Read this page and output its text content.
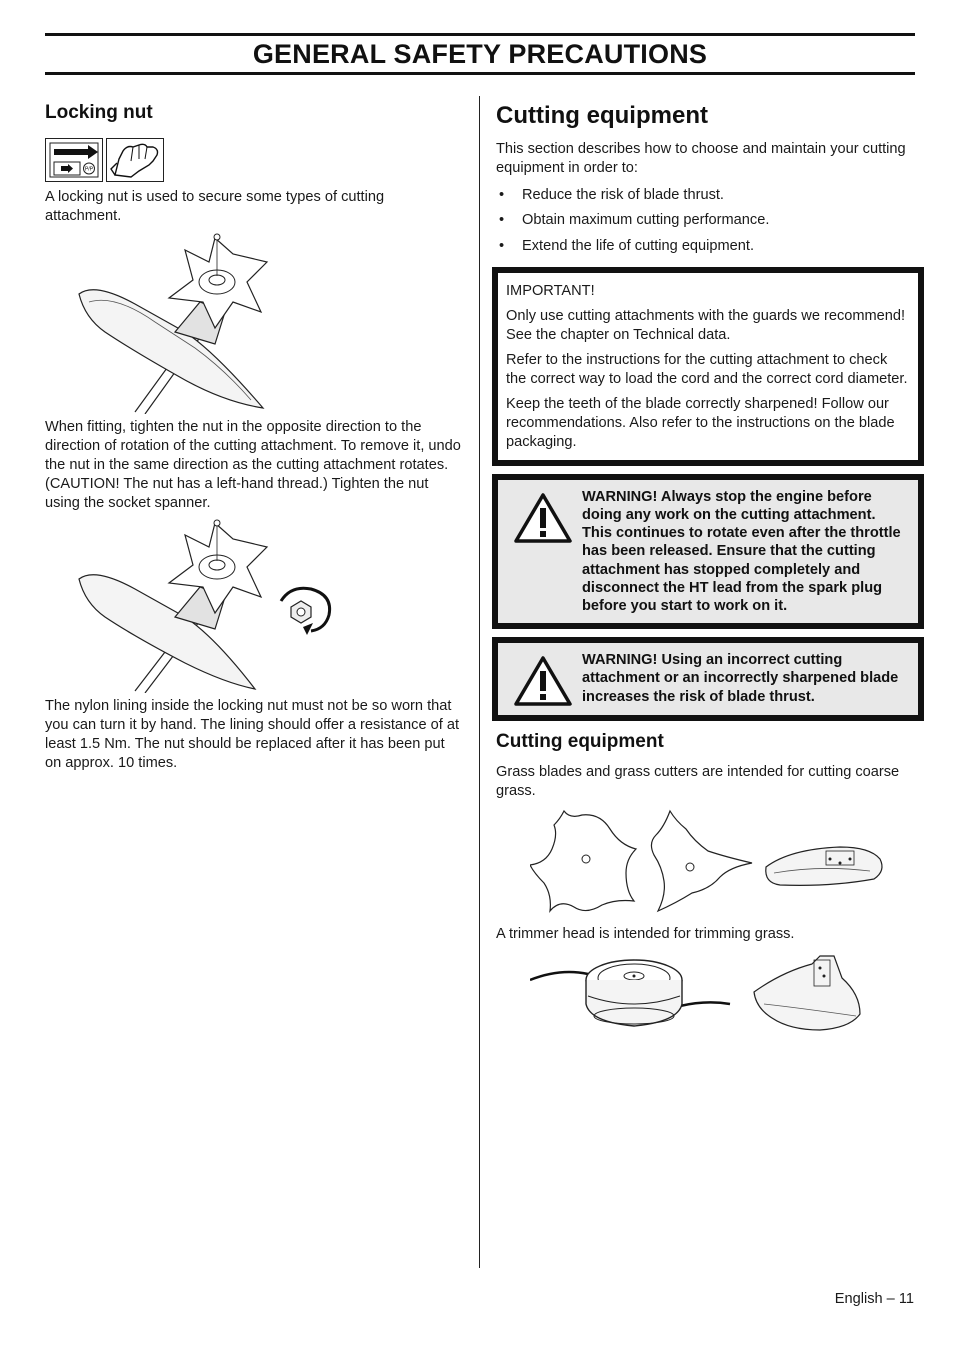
GENERAL SAFETY PRECAUTIONS
Locking nut
P/P

A locking nut is used to secure some types of cutting attachment.

When fitting, tighten the nut in the opposite direction to the direction of rotation of the cutting attachment. To remove it, undo the nut in the same direction as the cutting attachment rotates. (CAUTION! The nut has a left-hand thread.) Tighten the nut using the socket spanner.

The nylon lining inside the locking nut must not be so worn that you can turn it by hand. The lining should offer a resistance of at least 1.5 Nm. The nut should be replaced after it has been put on approx. 10 times.

Cutting equipment

This section describes how to choose and maintain your cutting equipment in order to:

• Reduce the risk of blade thrust.
• Obtain maximum cutting performance.
• Extend the life of cutting equipment.

IMPORTANT!

Only use cutting attachments with the guards we recommend! See the chapter on Technical data.

Refer to the instructions for the cutting attachment to check the correct way to load the cord and the correct cord diameter.

Keep the teeth of the blade correctly sharpened! Follow our recommendations. Also refer to the instructions on the blade packaging.

WARNING! Always stop the engine before doing any work on the cutting attachment. This continues to rotate even after the throttle has been released. Ensure that the cutting attachment has stopped completely and disconnect the HT lead from the spark plug before you start to work on it.
WARNING! Using an incorrect cutting attachment or an incorrectly sharpened blade increases the risk of blade thrust.
Cutting equipment

Grass blades and grass cutters are intended for cutting coarse grass.

A trimmer head is intended for trimming grass.

English – 11
